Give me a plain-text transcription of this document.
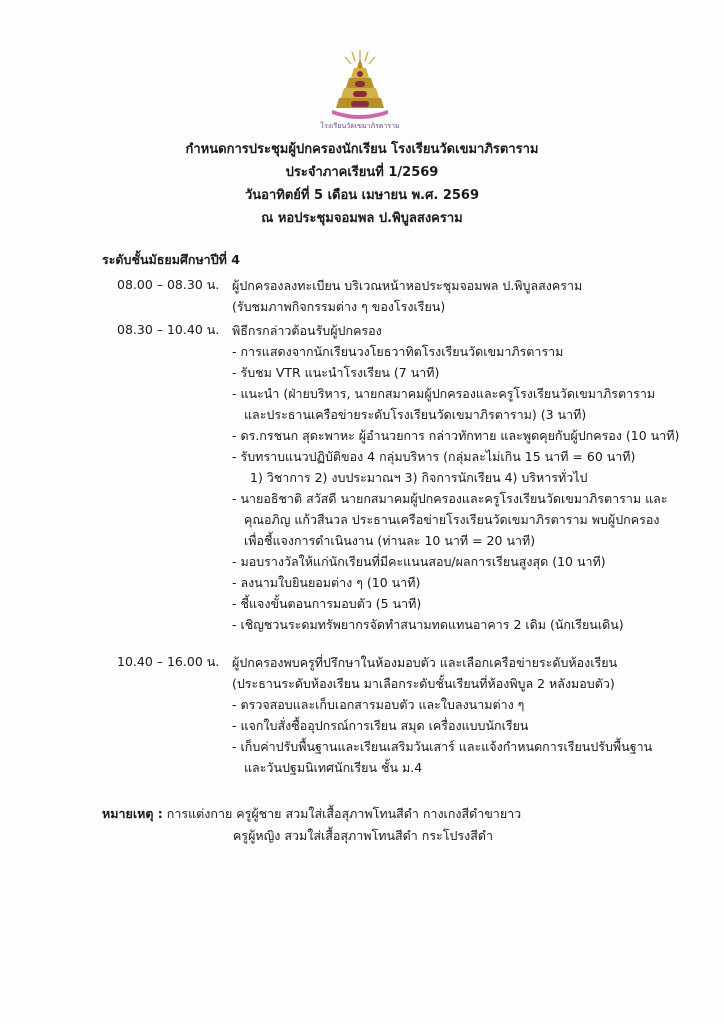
โรงเรียนวัดเขมาภิรตาราม
กำหนดการประชุมผู้ปกครองนักเรียน โรงเรียนวัดเขมาภิรตาราม
ประจำภาคเรียนที่ 1/2569
วันอาทิตย์ที่ 5 เดือน เมษายน พ.ศ. 2569
ณ หอประชุมจอมพล ป.พิบูลสงคราม
ระดับชั้นมัธยมศึกษาปีที่ 4
08.00 – 08.30 น. ผู้ปกครองลงทะเบียน บริเวณหน้าหอประชุมจอมพล ป.พิบูลสงคราม
(รับชมภาพกิจกรรมต่าง ๆ ของโรงเรียน)
08.30 – 10.40 น. พิธีกรกล่าวต้อนรับผู้ปกครอง
- การแสดงจากนักเรียนวงโยธวาทิตโรงเรียนวัดเขมาภิรตาราม
- รับชม VTR แนะนำโรงเรียน (7 นาที)
- แนะนำ (ฝ่ายบริหาร, นายกสมาคมผู้ปกครองและครูโรงเรียนวัดเขมาภิรตาราม
และประธานเครือข่ายระดับโรงเรียนวัดเขมาภิรตาราม) (3 นาที)
- ดร.กรชนก สุดะพาหะ ผู้อำนวยการ กล่าวทักทาย และพูดคุยกับผู้ปกครอง (10 นาที)
- รับทราบแนวปฏิบัติของ 4 กลุ่มบริหาร (กลุ่มละไม่เกิน 15 นาที = 60 นาที)
1) วิชาการ 2) งบประมาณฯ 3) กิจการนักเรียน 4) บริหารทั่วไป
- นายอธิชาติ สวัสดี นายกสมาคมผู้ปกครองและครูโรงเรียนวัดเขมาภิรตาราม และ
คุณอภิญ แก้วสีนวล ประธานเครือข่ายโรงเรียนวัดเขมาภิรตาราม พบผู้ปกครอง
เพื่อชี้แจงการดำเนินงาน (ท่านละ 10 นาที = 20 นาที)
- มอบรางวัลให้แก่นักเรียนที่มีคะแนนสอบ/ผลการเรียนสูงสุด (10 นาที)
- ลงนามใบยินยอมต่าง ๆ (10 นาที)
- ชี้แจงขั้นตอนการมอบตัว (5 นาที)
- เชิญชวนระดมทรัพยากรจัดทำสนามทดแทนอาคาร 2 เดิม (นักเรียนเดิน)
10.40 – 16.00 น. ผู้ปกครองพบครูที่ปรึกษาในห้องมอบตัว และเลือกเครือข่ายระดับห้องเรียน
(ประธานระดับห้องเรียน มาเลือกระดับชั้นเรียนที่ห้องพิบูล 2 หลังมอบตัว)
- ตรวจสอบและเก็บเอกสารมอบตัว และใบลงนามต่าง ๆ
- แจกใบสั่งซื้ออุปกรณ์การเรียน สมุด เครื่องแบบนักเรียน
- เก็บค่าปรับพื้นฐานและเรียนเสริมวันเสาร์ และแจ้งกำหนดการเรียนปรับพื้นฐาน
และวันปฐมนิเทศนักเรียน ชั้น ม.4
หมายเหตุ : การแต่งกาย ครูผู้ชาย สวมใส่เสื้อสุภาพโทนสีดำ กางเกงสีดำขายาว
ครูผู้หญิง สวมใส่เสื้อสุภาพโทนสีดำ กระโปรงสีดำ
